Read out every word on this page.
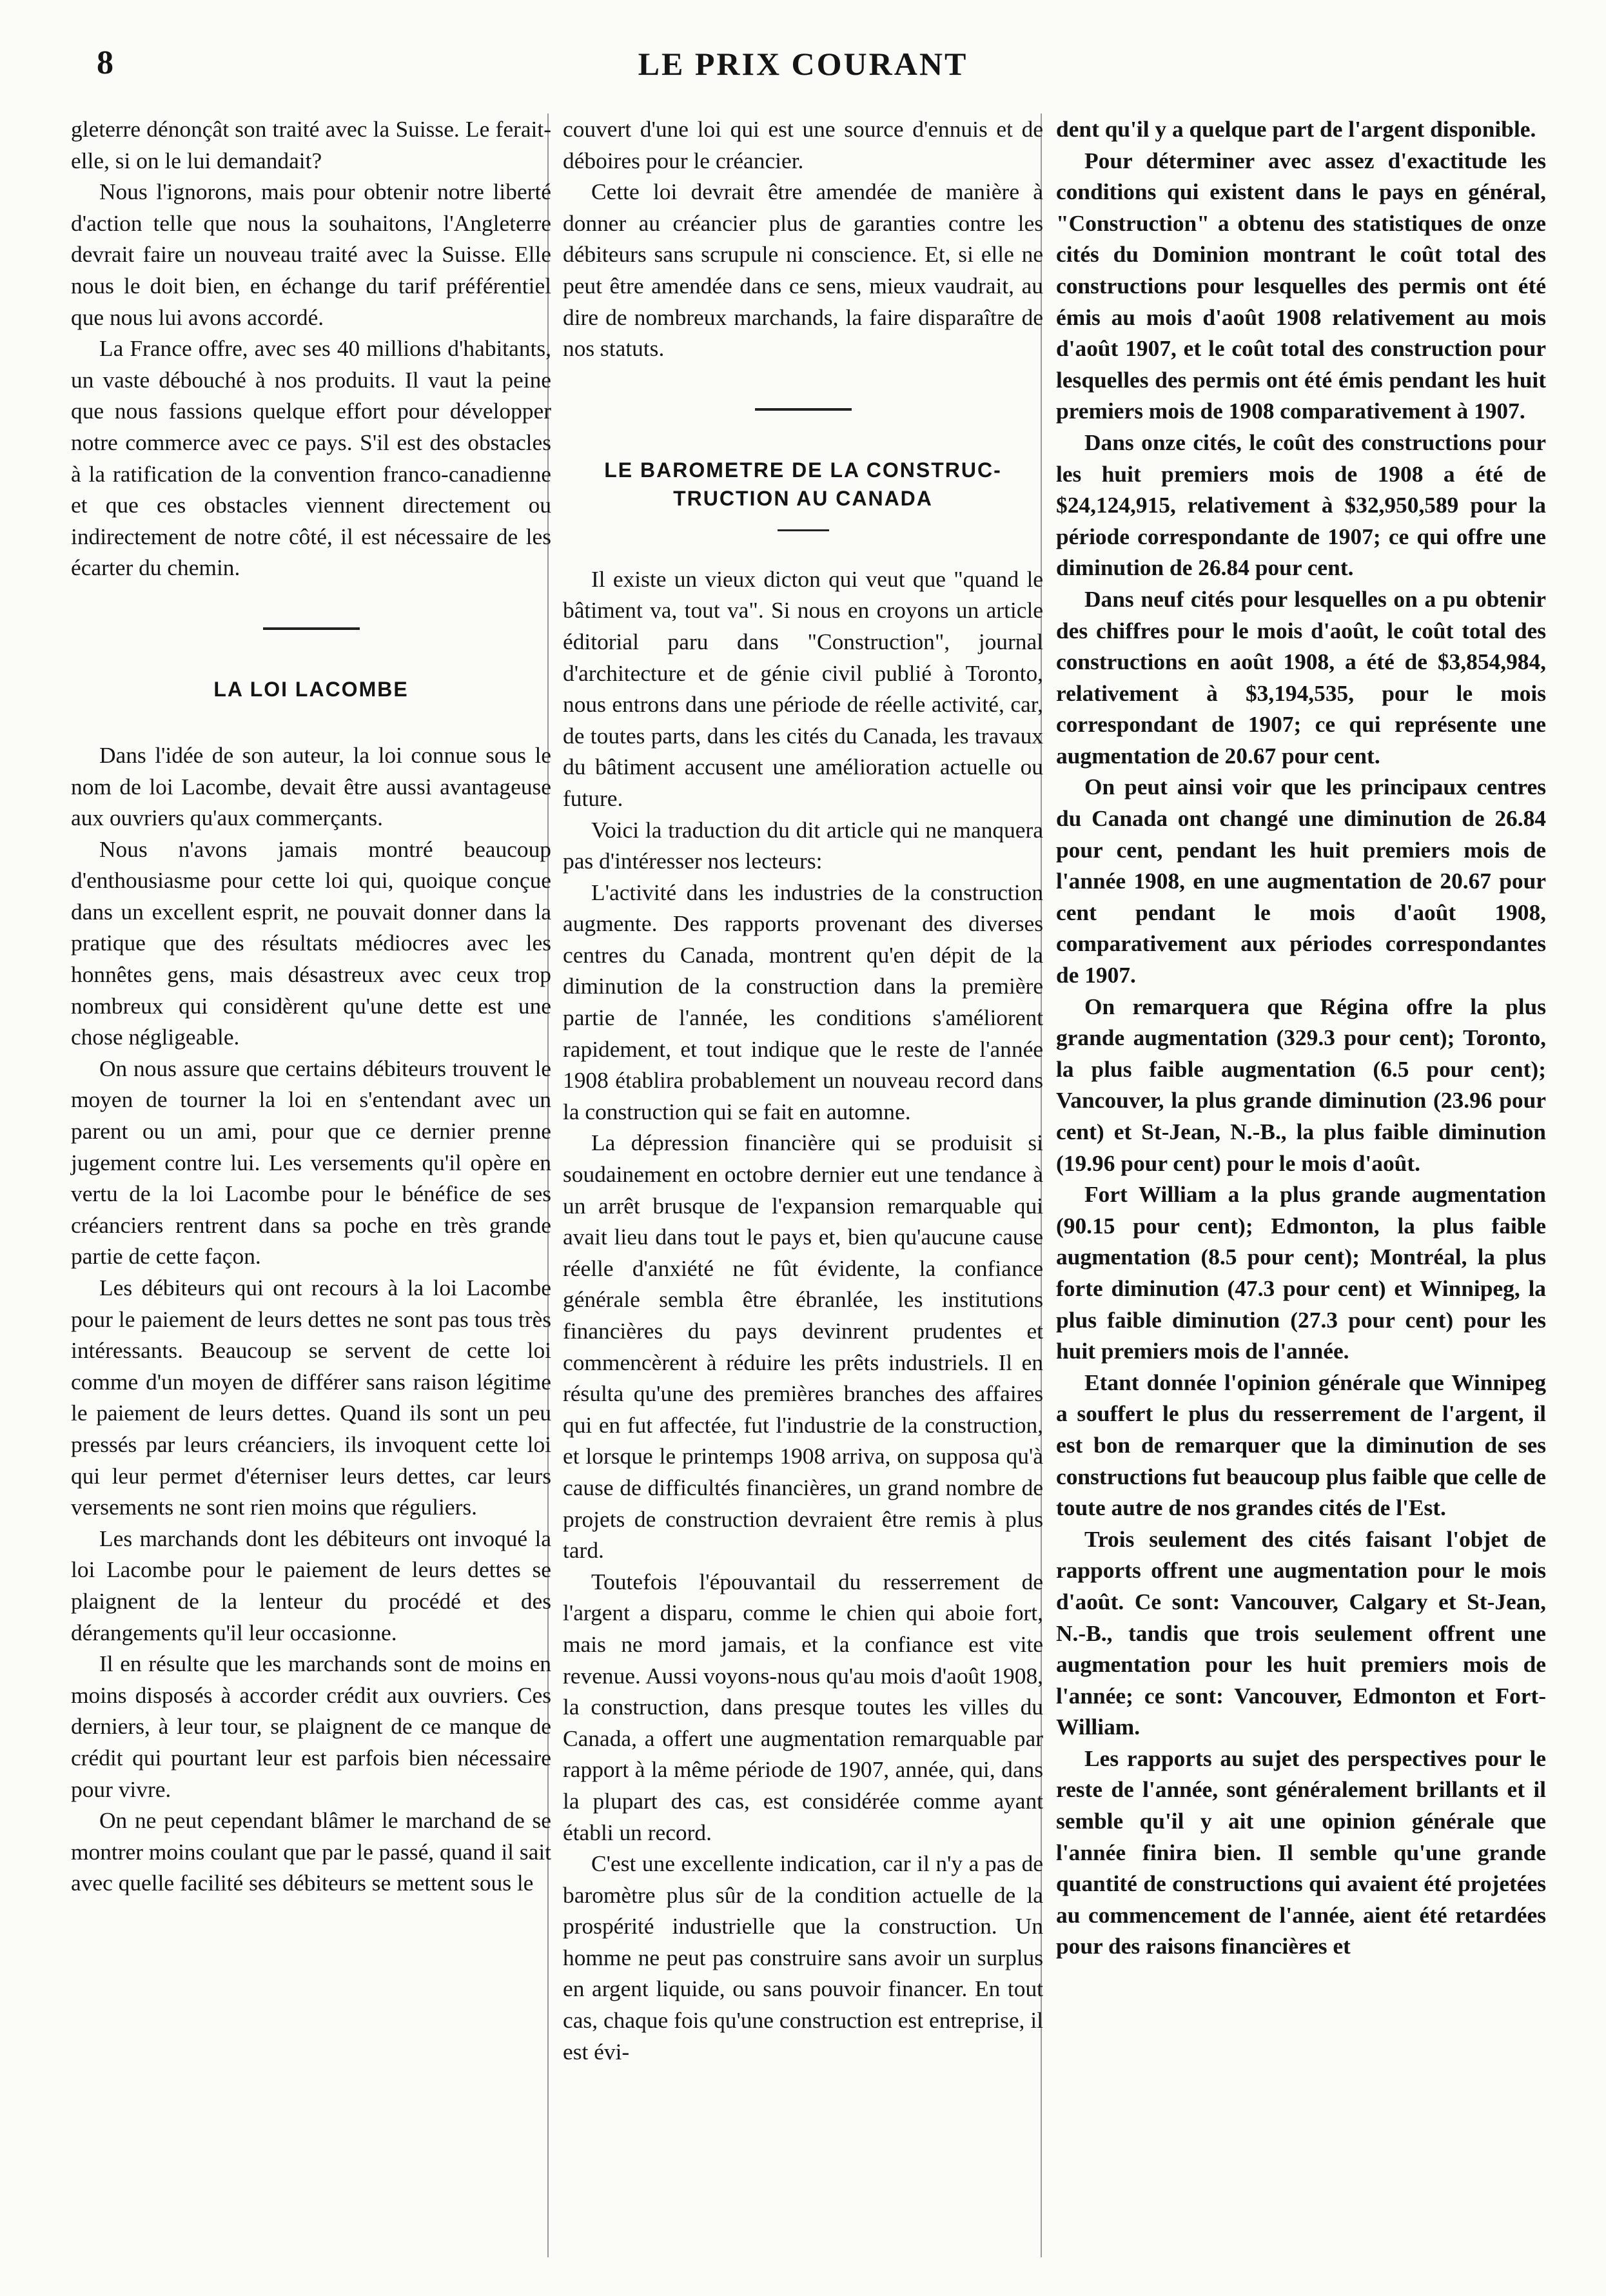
8	LE PRIX COURANT

gleterre dénonçât son traité avec la Suisse. Le ferait-elle, si on le lui demandait?

Nous l'ignorons, mais pour obtenir notre liberté d'action telle que nous la souhaitons, l'Angleterre devrait faire un nouveau traité avec la Suisse. Elle nous le doit bien, en échange du tarif préférentiel que nous lui avons accordé.

La France offre, avec ses 40 millions d'habitants, un vaste débouché à nos produits. Il vaut la peine que nous fassions quelque effort pour développer notre commerce avec ce pays. S'il est des obstacles à la ratification de la convention franco-canadienne et que ces obstacles viennent directement ou indirectement de notre côté, il est nécessaire de les écarter du chemin.

LA LOI LACOMBE

Dans l'idée de son auteur, la loi connue sous le nom de loi Lacombe, devait être aussi avantageuse aux ouvriers qu'aux commerçants.

Nous n'avons jamais montré beaucoup d'enthousiasme pour cette loi qui, quoique conçue dans un excellent esprit, ne pouvait donner dans la pratique que des résultats médiocres avec les honnêtes gens, mais désastreux avec ceux trop nombreux qui considèrent qu'une dette est une chose négligeable.

On nous assure que certains débiteurs trouvent le moyen de tourner la loi en s'entendant avec un parent ou un ami, pour que ce dernier prenne jugement contre lui. Les versements qu'il opère en vertu de la loi Lacombe pour le bénéfice de ses créanciers rentrent dans sa poche en très grande partie de cette façon.

Les débiteurs qui ont recours à la loi Lacombe pour le paiement de leurs dettes ne sont pas tous très intéressants. Beaucoup se servent de cette loi comme d'un moyen de différer sans raison légitime le paiement de leurs dettes. Quand ils sont un peu pressés par leurs créanciers, ils invoquent cette loi qui leur permet d'éterniser leurs dettes, car leurs versements ne sont rien moins que réguliers.

Les marchands dont les débiteurs ont invoqué la loi Lacombe pour le paiement de leurs dettes se plaignent de la lenteur du procédé et des dérangements qu'il leur occasionne.

Il en résulte que les marchands sont de moins en moins disposés à accorder crédit aux ouvriers. Ces derniers, à leur tour, se plaignent de ce manque de crédit qui pourtant leur est parfois bien nécessaire pour vivre.

On ne peut cependant blâmer le marchand de se montrer moins coulant que par le passé, quand il sait avec quelle facilité ses débiteurs se mettent sous le

couvert d'une loi qui est une source d'ennuis et de déboires pour le créancier.

Cette loi devrait être amendée de manière à donner au créancier plus de garanties contre les débiteurs sans scrupule ni conscience. Et, si elle ne peut être amendée dans ce sens, mieux vaudrait, au dire de nombreux marchands, la faire disparaître de nos statuts.

LE BAROMETRE DE LA CONSTRUC-
TRUCTION AU CANADA

Il existe un vieux dicton qui veut que "quand le bâtiment va, tout va". Si nous en croyons un article éditorial paru dans "Construction", journal d'architecture et de génie civil publié à Toronto, nous entrons dans une période de réelle activité, car, de toutes parts, dans les cités du Canada, les travaux du bâtiment accusent une amélioration actuelle ou future.

Voici la traduction du dit article qui ne manquera pas d'intéresser nos lecteurs:

L'activité dans les industries de la construction augmente. Des rapports provenant des diverses centres du Canada, montrent qu'en dépit de la diminution de la construction dans la première partie de l'année, les conditions s'améliorent rapidement, et tout indique que le reste de l'année 1908 établira probablement un nouveau record dans la construction qui se fait en automne.

La dépression financière qui se produisit si soudainement en octobre dernier eut une tendance à un arrêt brusque de l'expansion remarquable qui avait lieu dans tout le pays et, bien qu'aucune cause réelle d'anxiété ne fût évidente, la confiance générale sembla être ébranlée, les institutions financières du pays devinrent prudentes et commencèrent à réduire les prêts industriels. Il en résulta qu'une des premières branches des affaires qui en fut affectée, fut l'industrie de la construction, et lorsque le printemps 1908 arriva, on supposa qu'à cause de difficultés financières, un grand nombre de projets de construction devraient être remis à plus tard.

Toutefois l'épouvantail du resserrement de l'argent a disparu, comme le chien qui aboie fort, mais ne mord jamais, et la confiance est vite revenue. Aussi voyons-nous qu'au mois d'août 1908, la construction, dans presque toutes les villes du Canada, a offert une augmentation remarquable par rapport à la même période de 1907, année, qui, dans la plupart des cas, est considérée comme ayant établi un record.

C'est une excellente indication, car il n'y a pas de baromètre plus sûr de la condition actuelle de la prospérité industrielle que la construction. Un homme ne peut pas construire sans avoir un surplus en argent liquide, ou sans pouvoir financer. En tout cas, chaque fois qu'une construction est entreprise, il est évi-

dent qu'il y a quelque part de l'argent disponible.

Pour déterminer avec assez d'exactitude les conditions qui existent dans le pays en général, "Construction" a obtenu des statistiques de onze cités du Dominion montrant le coût total des constructions pour lesquelles des permis ont été émis au mois d'août 1908 relativement au mois d'août 1907, et le coût total des construction pour lesquelles des permis ont été émis pendant les huit premiers mois de 1908 comparativement à 1907.

Dans onze cités, le coût des constructions pour les huit premiers mois de 1908 a été de $24,124,915, relativement à $32,950,589 pour la période correspondante de 1907; ce qui offre une diminution de 26.84 pour cent.

Dans neuf cités pour lesquelles on a pu obtenir des chiffres pour le mois d'août, le coût total des constructions en août 1908, a été de $3,854,984, relativement à $3,194,535, pour le mois correspondant de 1907; ce qui représente une augmentation de 20.67 pour cent.

On peut ainsi voir que les principaux centres du Canada ont changé une diminution de 26.84 pour cent, pendant les huit premiers mois de l'année 1908, en une augmentation de 20.67 pour cent pendant le mois d'août 1908, comparativement aux périodes correspondantes de 1907.

On remarquera que Régina offre la plus grande augmentation (329.3 pour cent); Toronto, la plus faible augmentation (6.5 pour cent); Vancouver, la plus grande diminution (23.96 pour cent) et St-Jean, N.-B., la plus faible diminution (19.96 pour cent) pour le mois d'août.

Fort William a la plus grande augmentation (90.15 pour cent); Edmonton, la plus faible augmentation (8.5 pour cent); Montréal, la plus forte diminution (47.3 pour cent) et Winnipeg, la plus faible diminution (27.3 pour cent) pour les huit premiers mois de l'année.

Etant donnée l'opinion générale que Winnipeg a souffert le plus du resserrement de l'argent, il est bon de remarquer que la diminution de ses constructions fut beaucoup plus faible que celle de toute autre de nos grandes cités de l'Est.

Trois seulement des cités faisant l'objet de rapports offrent une augmentation pour le mois d'août. Ce sont: Vancouver, Calgary et St-Jean, N.-B., tandis que trois seulement offrent une augmentation pour les huit premiers mois de l'année; ce sont: Vancouver, Edmonton et Fort-William.

Les rapports au sujet des perspectives pour le reste de l'année, sont généralement brillants et il semble qu'il y ait une opinion générale que l'année finira bien. Il semble qu'une grande quantité de constructions qui avaient été projetées au commencement de l'année, aient été retardées pour des raisons financières et
